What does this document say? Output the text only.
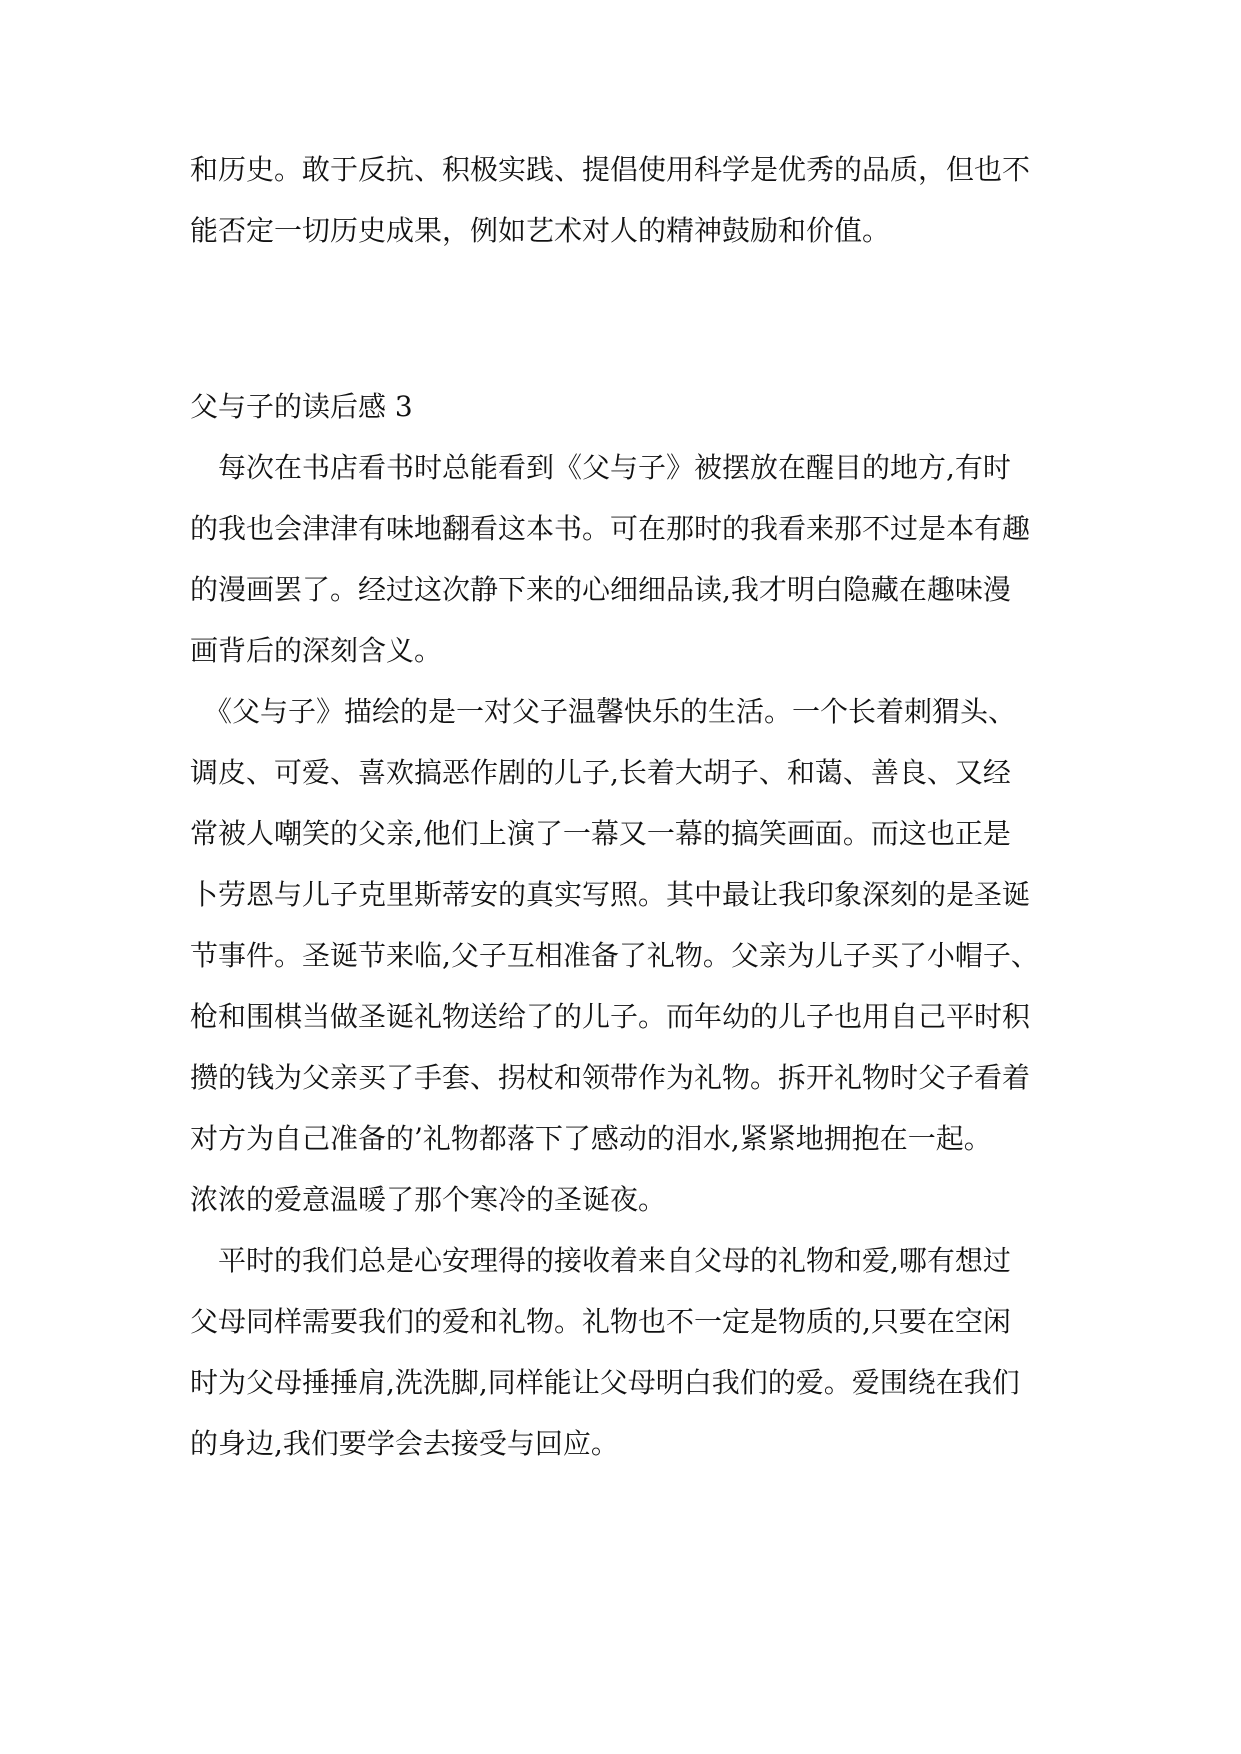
和历史。敢于反抗、积极实践、提倡使用科学是优秀的品质，但也不

能否定一切历史成果，例如艺术对人的精神鼓励和价值。

父与子的读后感 3

　每次在书店看书时总能看到《父与子》被摆放在醒目的地方,有时

的我也会津津有味地翻看这本书。可在那时的我看来那不过是本有趣

的漫画罢了。经过这次静下来的心细细品读,我才明白隐藏在趣味漫

画背后的深刻含义。

　《父与子》描绘的是一对父子温馨快乐的生活。一个长着刺猬头、

调皮、可爱、喜欢搞恶作剧的儿子,长着大胡子、和蔼、善良、又经

常被人嘲笑的父亲,他们上演了一幕又一幕的搞笑画面。而这也正是

卜劳恩与儿子克里斯蒂安的真实写照。其中最让我印象深刻的是圣诞

节事件。圣诞节来临,父子互相准备了礼物。父亲为儿子买了小帽子、

枪和围棋当做圣诞礼物送给了的儿子。而年幼的儿子也用自己平时积

攒的钱为父亲买了手套、拐杖和领带作为礼物。拆开礼物时父子看着

对方为自己准备的’礼物都落下了感动的泪水,紧紧地拥抱在一起。

浓浓的爱意温暖了那个寒冷的圣诞夜。

　平时的我们总是心安理得的接收着来自父母的礼物和爱,哪有想过

父母同样需要我们的爱和礼物。礼物也不一定是物质的,只要在空闲

时为父母捶捶肩,洗洗脚,同样能让父母明白我们的爱。爱围绕在我们

的身边,我们要学会去接受与回应。
